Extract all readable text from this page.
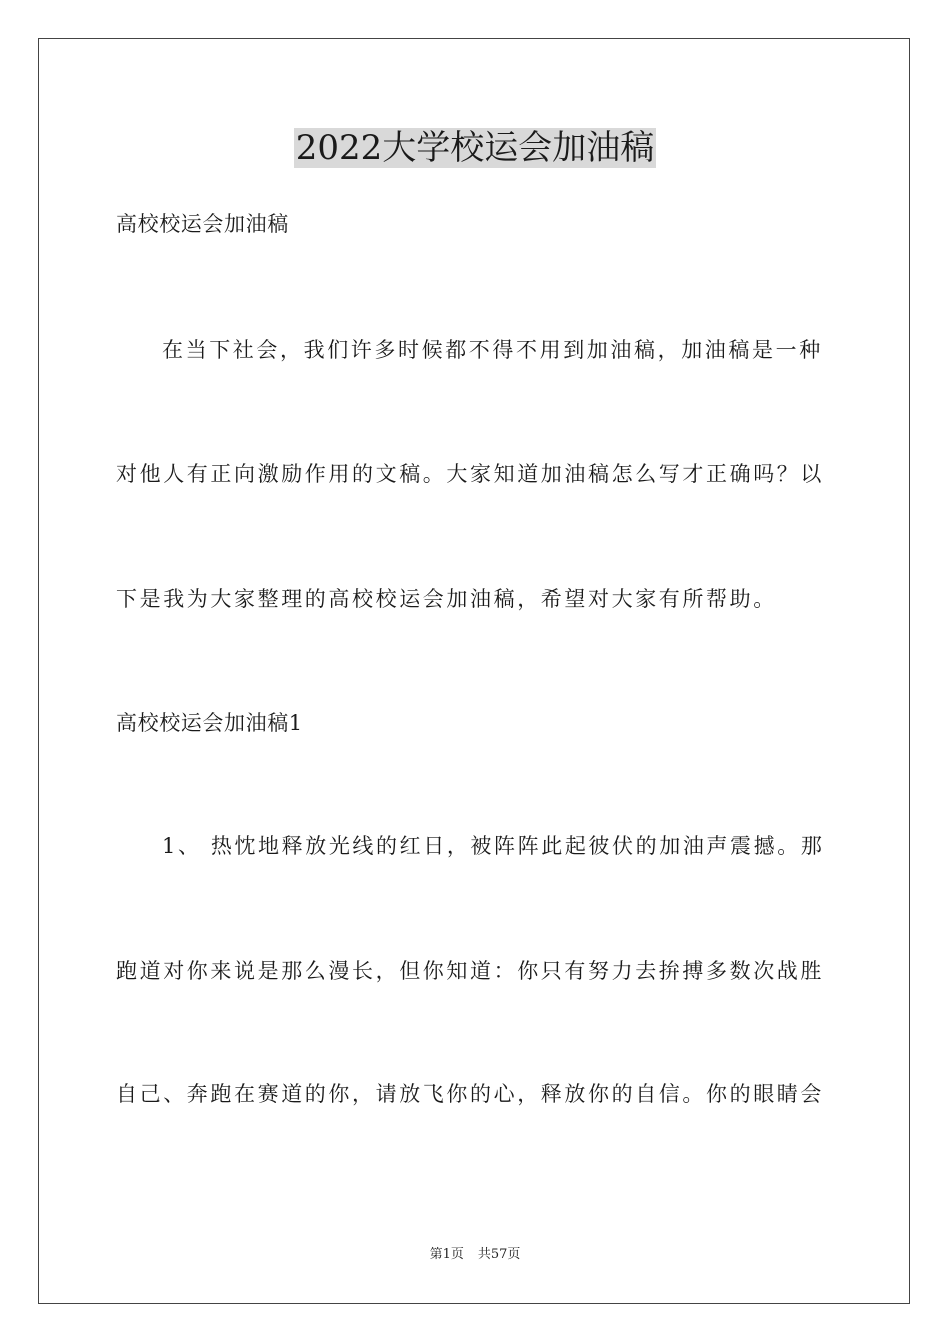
2022大学校运会加油稿
高校校运会加油稿
在当下社会，我们许多时候都不得不用到加油稿，加油稿是一种
对他人有正向激励作用的文稿。大家知道加油稿怎么写才正确吗？以
下是我为大家整理的高校校运会加油稿，希望对大家有所帮助。
高校校运会加油稿1
1、 热忱地释放光线的红日，被阵阵此起彼伏的加油声震撼。那
跑道对你来说是那么漫长，但你知道：你只有努力去拚搏多数次战胜
自己、奔跑在赛道的你，请放飞你的心，释放你的自信。你的眼睛会
第1页 共57页
